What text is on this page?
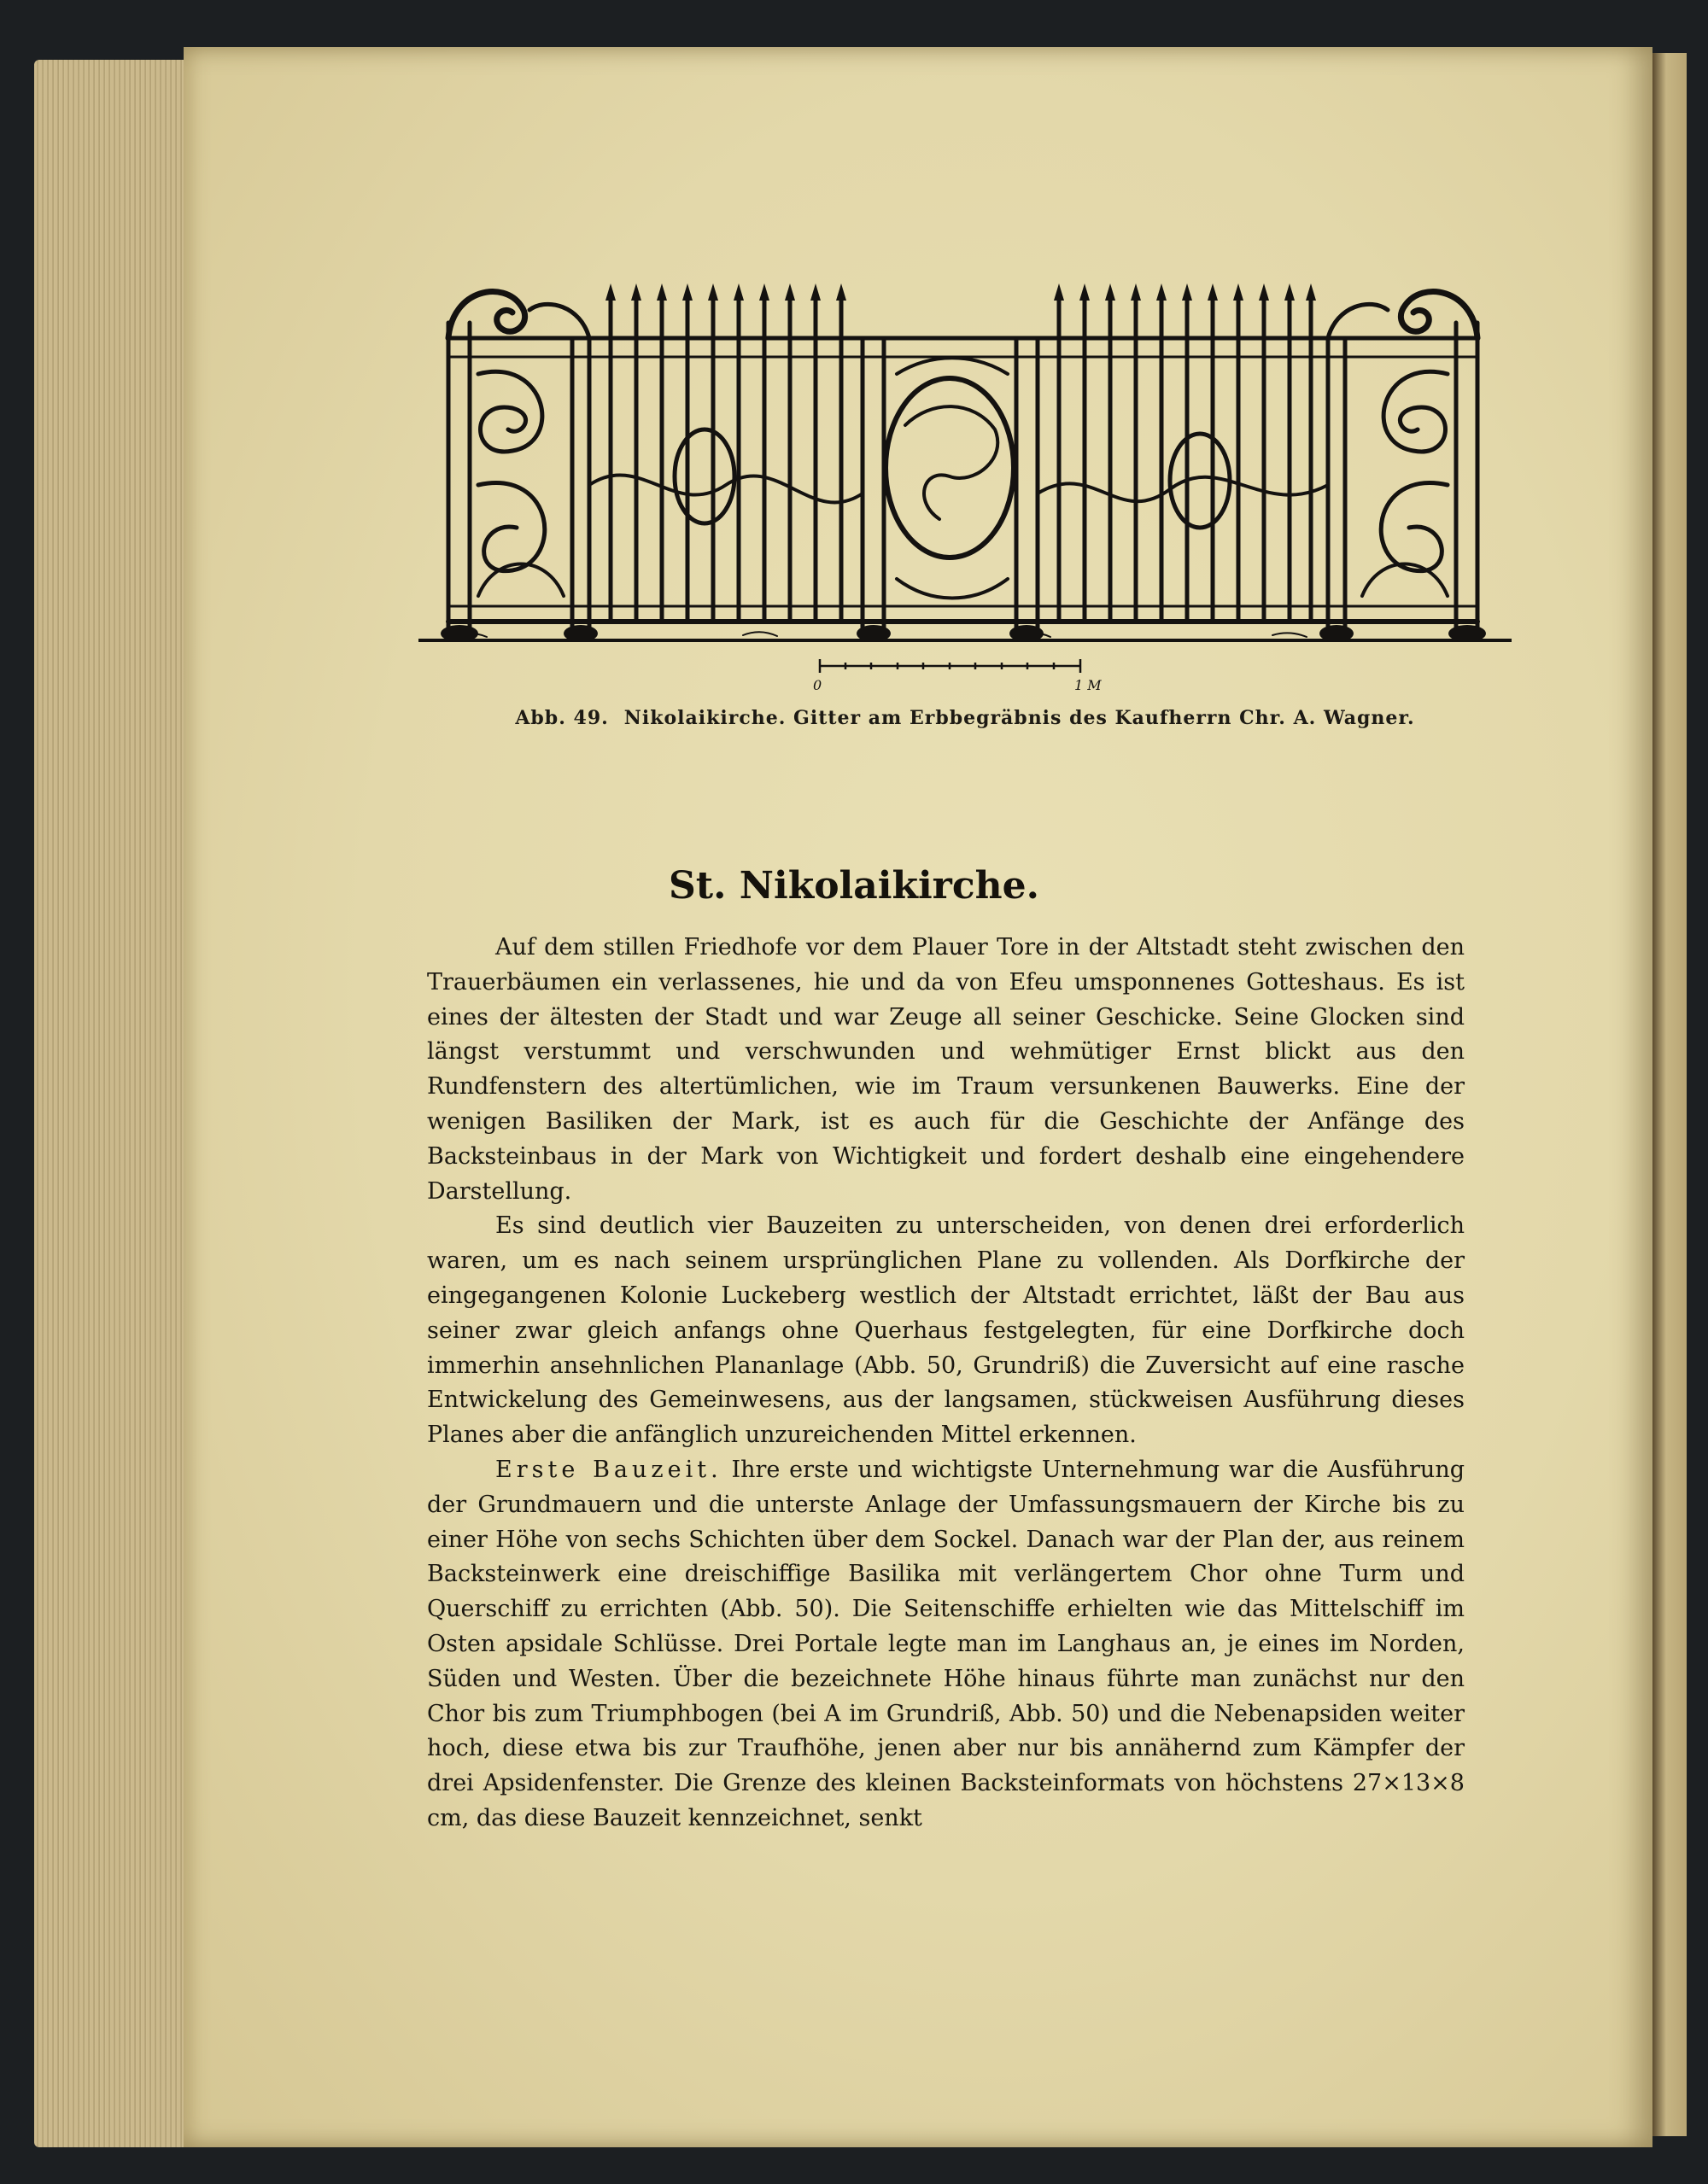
0	1 M
Abb. 49. Nikolaikirche. Gitter am Erbbegräbnis des Kaufherrn Chr. A. Wagner.
St. Nikolaikirche.

Auf dem stillen Friedhofe vor dem Plauer Tore in der Altstadt steht zwischen den Trauerbäumen ein verlassenes, hie und da von Efeu umsponnenes Gotteshaus. Es ist eines der ältesten der Stadt und war Zeuge all seiner Geschicke. Seine Glocken sind längst verstummt und verschwunden und wehmütiger Ernst blickt aus den Rundfenstern des altertümlichen, wie im Traum versunkenen Bauwerks. Eine der wenigen Basiliken der Mark, ist es auch für die Geschichte der Anfänge des Backsteinbaus in der Mark von Wichtigkeit und fordert deshalb eine eingehendere Darstellung.

Es sind deutlich vier Bauzeiten zu unterscheiden, von denen drei erforderlich waren, um es nach seinem ursprünglichen Plane zu vollenden. Als Dorfkirche der eingegangenen Kolonie Luckeberg westlich der Altstadt errichtet, läßt der Bau aus seiner zwar gleich anfangs ohne Querhaus festgelegten, für eine Dorfkirche doch immerhin ansehnlichen Plananlage (Abb. 50, Grundriß) die Zuversicht auf eine rasche Entwickelung des Gemeinwesens, aus der langsamen, stückweisen Ausführung dieses Planes aber die anfänglich unzureichenden Mittel erkennen.

Erste Bauzeit. Ihre erste und wichtigste Unternehmung war die Ausführung der Grundmauern und die unterste Anlage der Umfassungsmauern der Kirche bis zu einer Höhe von sechs Schichten über dem Sockel. Danach war der Plan der, aus reinem Backsteinwerk eine dreischiffige Basilika mit verlängertem Chor ohne Turm und Querschiff zu errichten (Abb. 50). Die Seitenschiffe erhielten wie das Mittelschiff im Osten apsidale Schlüsse. Drei Portale legte man im Langhaus an, je eines im Norden, Süden und Westen. Über die bezeichnete Höhe hinaus führte man zunächst nur den Chor bis zum Triumphbogen (bei A im Grundriß, Abb. 50) und die Nebenapsiden weiter hoch, diese etwa bis zur Traufhöhe, jenen aber nur bis annähernd zum Kämpfer der drei Apsidenfenster. Die Grenze des kleinen Backsteinformats von höchstens 27×13×8 cm, das diese Bauzeit kennzeichnet, senkt
